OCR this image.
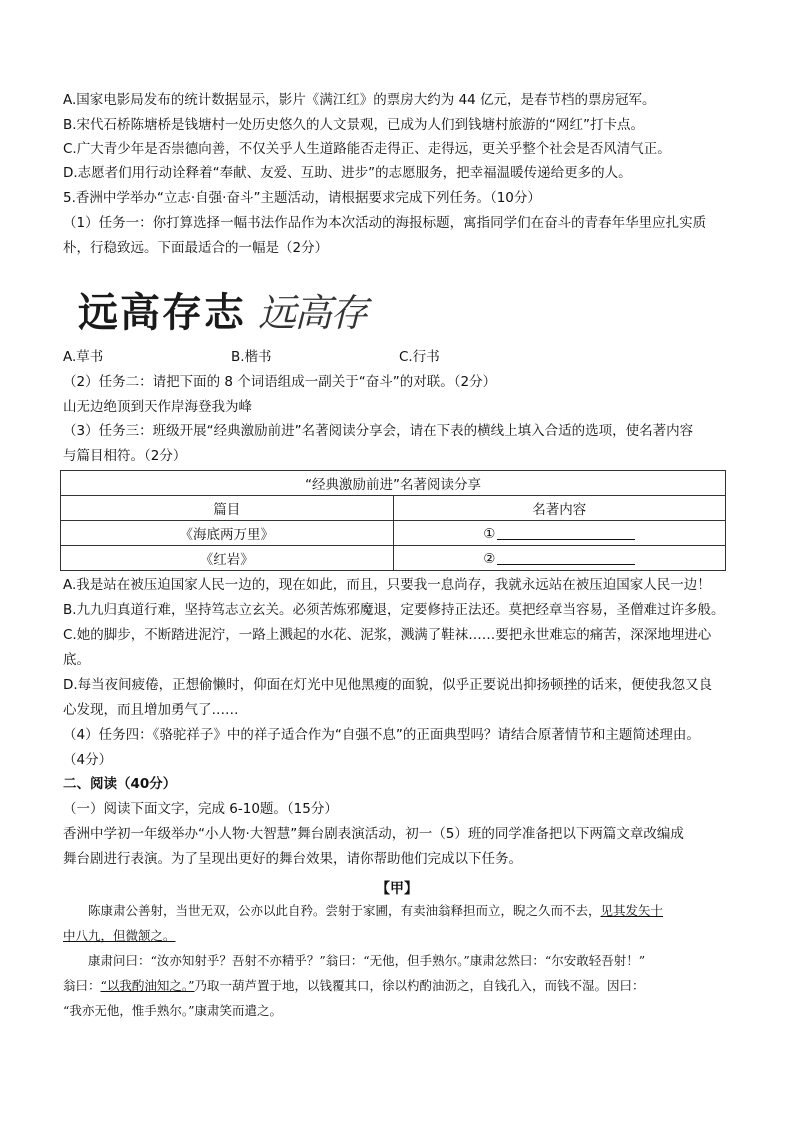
A.国家电影局发布的统计数据显示，影片《满江红》的票房大约为 44 亿元，是春节档的票房冠军。
B.宋代石桥陈塘桥是钱塘村一处历史悠久的人文景观，已成为人们到钱塘村旅游的“网红”打卡点。
C.广大青少年是否崇德向善，不仅关乎人生道路能否走得正、走得远，更关乎整个社会是否风清气正。
D.志愿者们用行动诠释着“奉献、友爱、互助、进步”的志愿服务，把幸福温暖传递给更多的人。
5.香洲中学举办“立志·自强·奋斗”主题活动，请根据要求完成下列任务。（10分）
（1）任务一：你打算选择一幅书法作品作为本次活动的海报标题，寓指同学们在奋斗的青春年华里应扎实质
朴，行稳致远。下面最适合的一幅是（2分）
远高存志 远高存
A.草书	B.楷书	C.行书
（2）任务二：请把下面的 8 个词语组成一副关于“奋斗”的对联。（2分）
山无边绝顶到天作岸海登我为峰
（3）任务三：班级开展“经典激励前进”名著阅读分享会，请在下表的横线上填入合适的选项，使名著内容
与篇目相符。（2分）
“经典激励前进”名著阅读分享	
篇目	名著内容
《海底两万里》	①
《红岩》	②
A.我是站在被压迫国家人民一边的，现在如此，而且，只要我一息尚存，我就永远站在被压迫国家人民一边！
B.九九归真道行难，坚持笃志立玄关。必须苦炼邪魔退，定要修持正法还。莫把经章当容易，圣僧难过许多般。
C.她的脚步，不断踏进泥泞，一路上溅起的水花、泥浆，溅满了鞋袜……要把永世难忘的痛苦，深深地埋进心
底。
D.每当夜间疲倦，正想偷懒时，仰面在灯光中见他黑瘦的面貌，似乎正要说出抑扬顿挫的话来，便使我忽又良
心发现，而且增加勇气了……
（4）任务四：《骆驼祥子》中的祥子适合作为“自强不息”的正面典型吗？请结合原著情节和主题简述理由。
（4分）
二、阅读（40分）
（一）阅读下面文字，完成 6-10题。（15分）
香洲中学初一年级举办“小人物·大智慧”舞台剧表演活动，初一（5）班的同学准备把以下两篇文章改编成
舞台剧进行表演。为了呈现出更好的舞台效果，请你帮助他们完成以下任务。
【甲】
陈康肃公善射，当世无双，公亦以此自矜。尝射于家圃，有卖油翁释担而立，睨之久而不去，见其发矢十
中八九，但微颔之。
康肃问曰：“汝亦知射乎？吾射不亦精乎？”翁曰：“无他，但手熟尔。”康肃忿然曰：“尔安敢轻吾射！”
翁曰：“以我酌油知之。”乃取一葫芦置于地，以钱覆其口，徐以杓酌油沥之，自钱孔入，而钱不湿。因曰：
“我亦无他，惟手熟尔。”康肃笑而遣之。
